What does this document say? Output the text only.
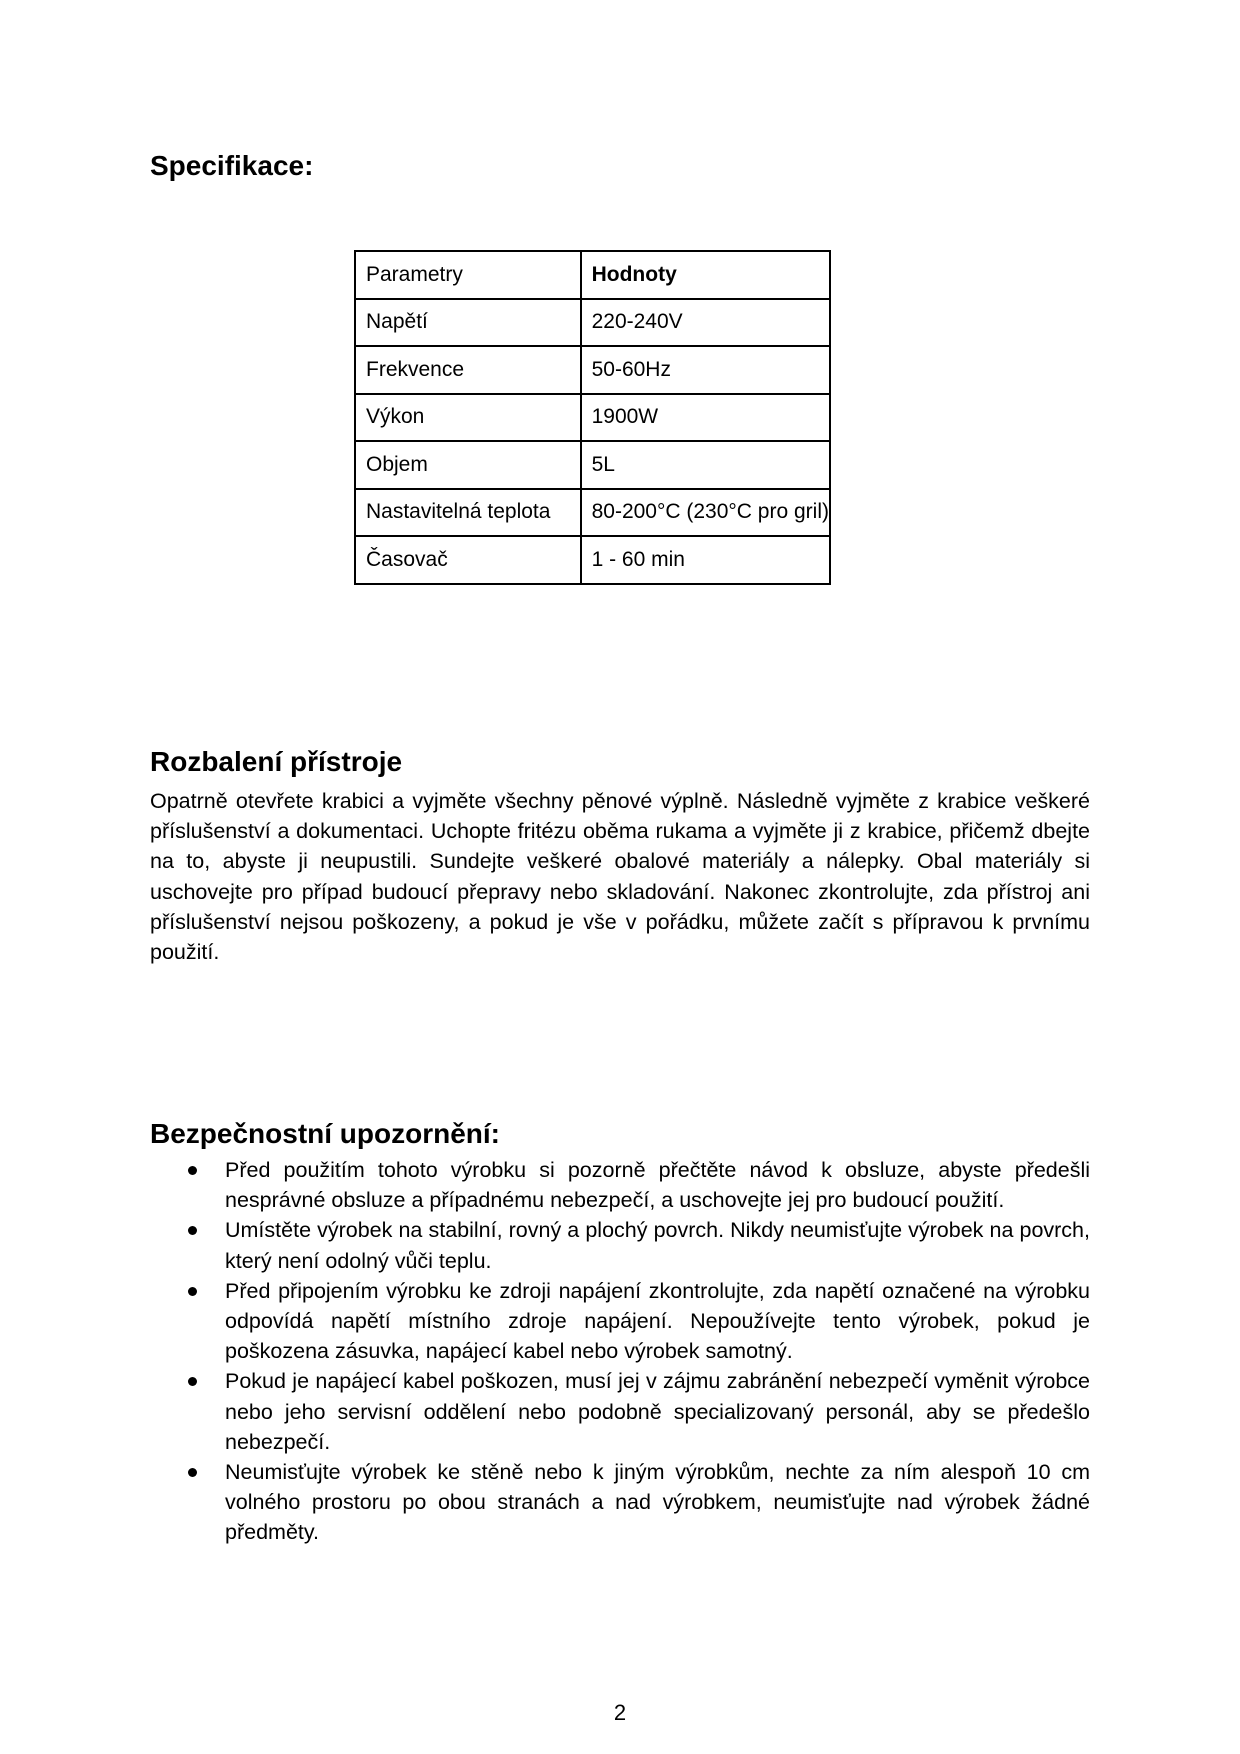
Specifikace:
Parametry	Hodnoty
Napětí	220-240V
Frekvence	50-60Hz
Výkon	1900W
Objem	5L
Nastavitelná teplota	80-200°C (230°C pro gril)
Časovač	1 - 60 min
Rozbalení přístroje

Opatrně otevřete krabici a vyjměte všechny pěnové výplně. Následně vyjměte z krabice veškeré příslušenství a dokumentaci. Uchopte fritézu oběma rukama a vyjměte ji z krabice, přičemž dbejte na to, abyste ji neupustili. Sundejte veškeré obalové materiály a nálepky. Obal materiály si uschovejte pro případ budoucí přepravy nebo skladování. Nakonec zkontrolujte, zda přístroj ani příslušenství nejsou poškozeny, a pokud je vše v pořádku, můžete začít s přípravou k prvnímu použití.

Bezpečnostní upozornění:
Před použitím tohoto výrobku si pozorně přečtěte návod k obsluze, abyste předešli nesprávné obsluze a případnému nebezpečí, a uschovejte jej pro budoucí použití.
Umístěte výrobek na stabilní, rovný a plochý povrch. Nikdy neumisťujte výrobek na povrch, který není odolný vůči teplu.
Před připojením výrobku ke zdroji napájení zkontrolujte, zda napětí označené na výrobku odpovídá napětí místního zdroje napájení. Nepoužívejte tento výrobek, pokud je poškozena zásuvka, napájecí kabel nebo výrobek samotný.
Pokud je napájecí kabel poškozen, musí jej v zájmu zabránění nebezpečí vyměnit výrobce nebo jeho servisní oddělení nebo podobně specializovaný personál, aby se předešlo nebezpečí.
Neumisťujte výrobek ke stěně nebo k jiným výrobkům, nechte za ním alespoň 10 cm volného prostoru po obou stranách a nad výrobkem, neumisťujte nad výrobek žádné předměty.
2
